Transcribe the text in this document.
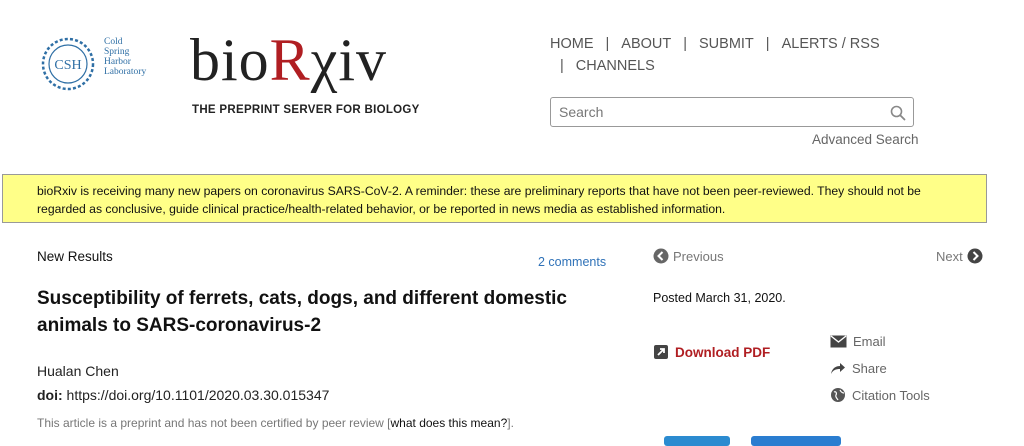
CSH
Cold
Spring
Harbor
Laboratory bioRχiv
THE PREPRINT SERVER FOR BIOLOGY
HOME | ABOUT | SUBMIT | ALERTS / RSS
| CHANNELS
Search
Advanced Search
bioRxiv is receiving many new papers on coronavirus SARS-CoV-2. A reminder: these are preliminary reports that have not been peer-reviewed. They should not be regarded as conclusive, guide clinical practice/health-related behavior, or be reported in news media as established information.
New Results	2 comments
Susceptibility of ferrets, cats, dogs, and different domestic animals to SARS-coronavirus-2
Hualan Chen
doi: https://doi.org/10.1101/2020.03.30.015347
This article is a preprint and has not been certified by peer review [what does this mean?].
Previous	Next
Posted March 31, 2020.
Download PDF
Email
Share
Citation Tools
